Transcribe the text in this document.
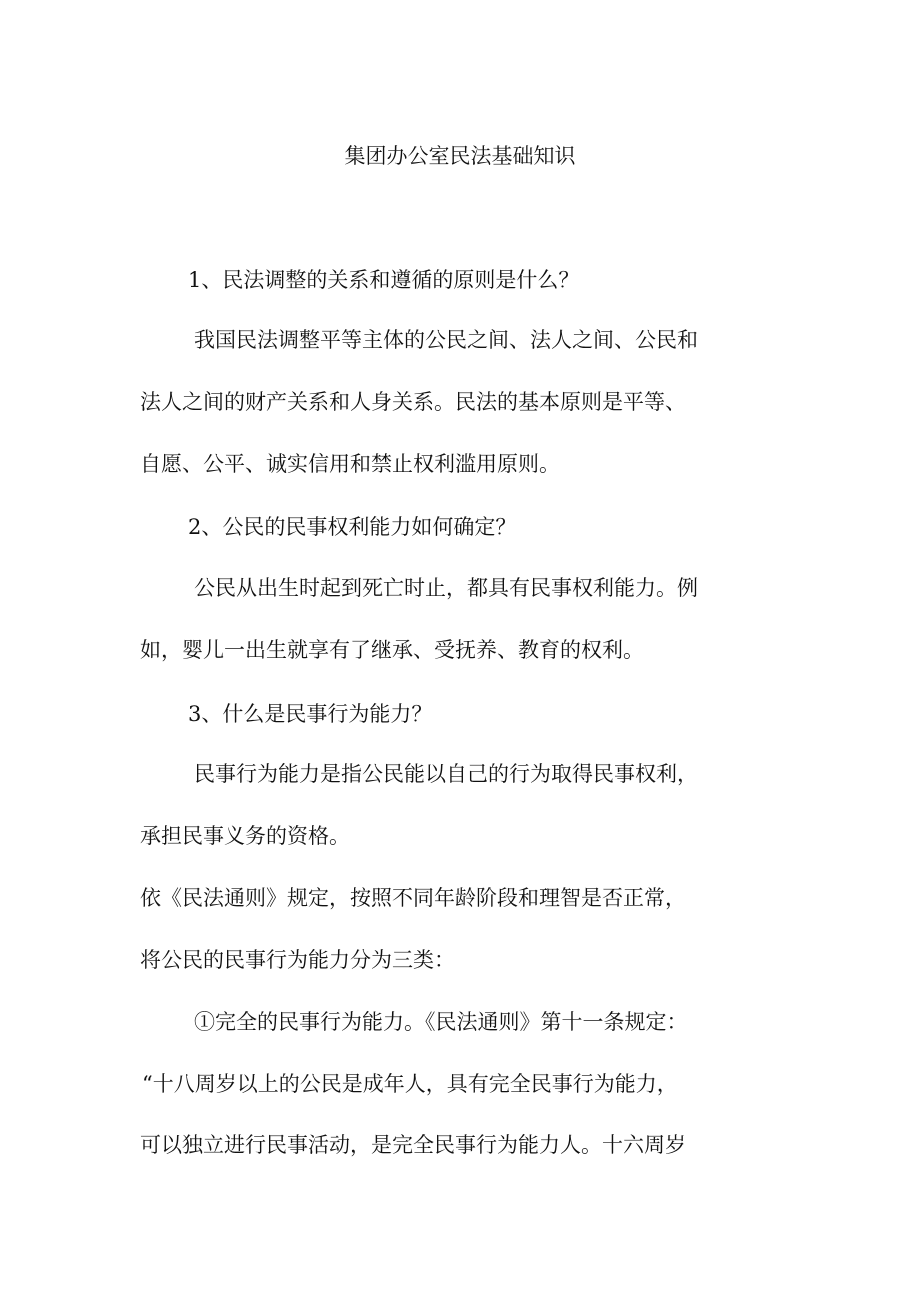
集团办公室民法基础知识

1、民法调整的关系和遵循的原则是什么？

我国民法调整平等主体的公民之间、法人之间、公民和

法人之间的财产关系和人身关系。民法的基本原则是平等、

自愿、公平、诚实信用和禁止权利滥用原则。

2、公民的民事权利能力如何确定？

公民从出生时起到死亡时止，都具有民事权利能力。例

如，婴儿一出生就享有了继承、受抚养、教育的权利。

3、什么是民事行为能力？

民事行为能力是指公民能以自己的行为取得民事权利，

承担民事义务的资格。

依《民法通则》规定，按照不同年龄阶段和理智是否正常，

将公民的民事行为能力分为三类：

①完全的民事行为能力。《民法通则》第十一条规定：

“十八周岁以上的公民是成年人，具有完全民事行为能力，

可以独立进行民事活动，是完全民事行为能力人。十六周岁
